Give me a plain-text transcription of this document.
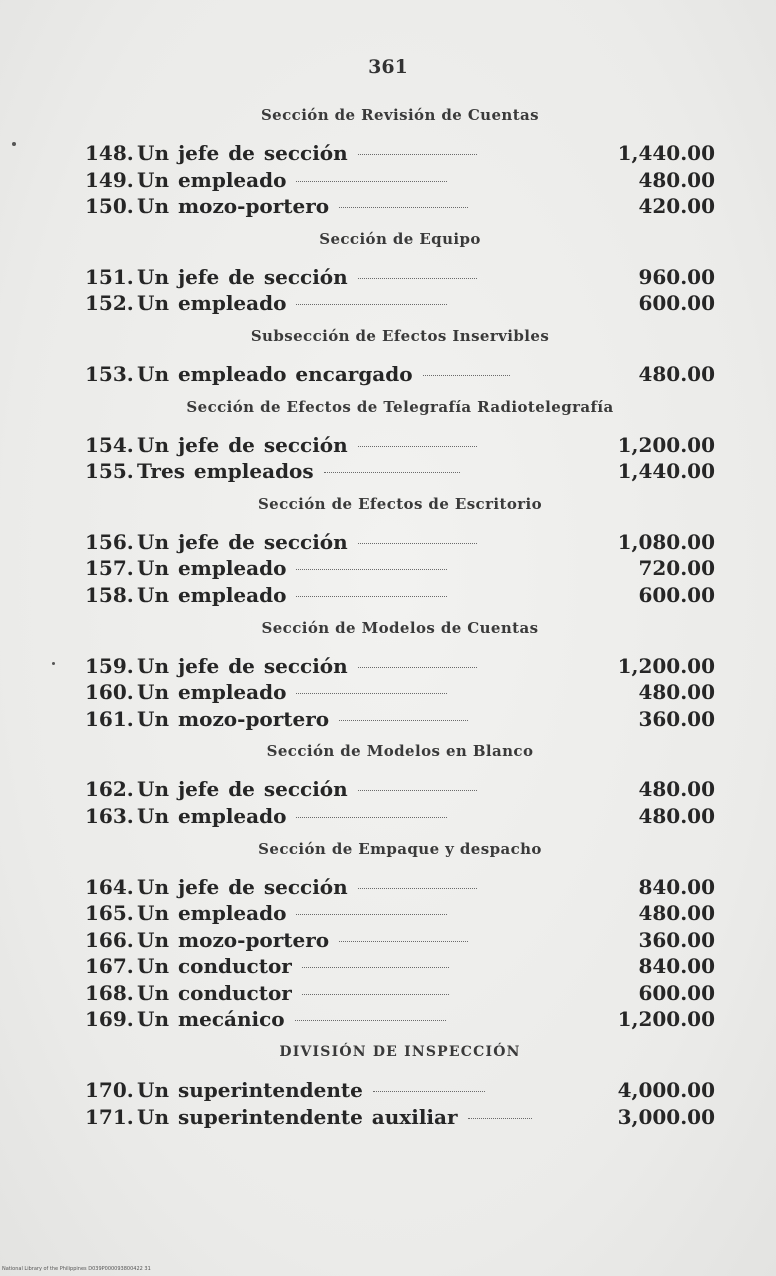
361
Sección de Revisión de Cuentas
148. Un jefe de sección	1,440.00
149. Un empleado	480.00
150. Un mozo-portero	420.00
Sección de Equipo
151. Un jefe de sección	960.00
152. Un empleado	600.00
Subsección de Efectos Inservibles
153. Un empleado encargado	480.00
Sección de Efectos de Telegrafía Radiotelegrafía
154. Un jefe de sección	1,200.00
155. Tres empleados	1,440.00
Sección de Efectos de Escritorio
156. Un jefe de sección	1,080.00
157. Un empleado	720.00
158. Un empleado	600.00
Sección de Modelos de Cuentas
159. Un jefe de sección	1,200.00
160. Un empleado	480.00
161. Un mozo-portero	360.00
Sección de Modelos en Blanco
162. Un jefe de sección	480.00
163. Un empleado	480.00
Sección de Empaque y despacho
164. Un jefe de sección	840.00
165. Un empleado	480.00
166. Un mozo-portero	360.00
167. Un conductor	840.00
168. Un conductor	600.00
169. Un mecánico	1,200.00
DIVISIÓN DE INSPECCIÓN
170. Un superintendente	4,000.00
171. Un superintendente auxiliar	3,000.00
National Library of the Philippines D039P000093800422 31
